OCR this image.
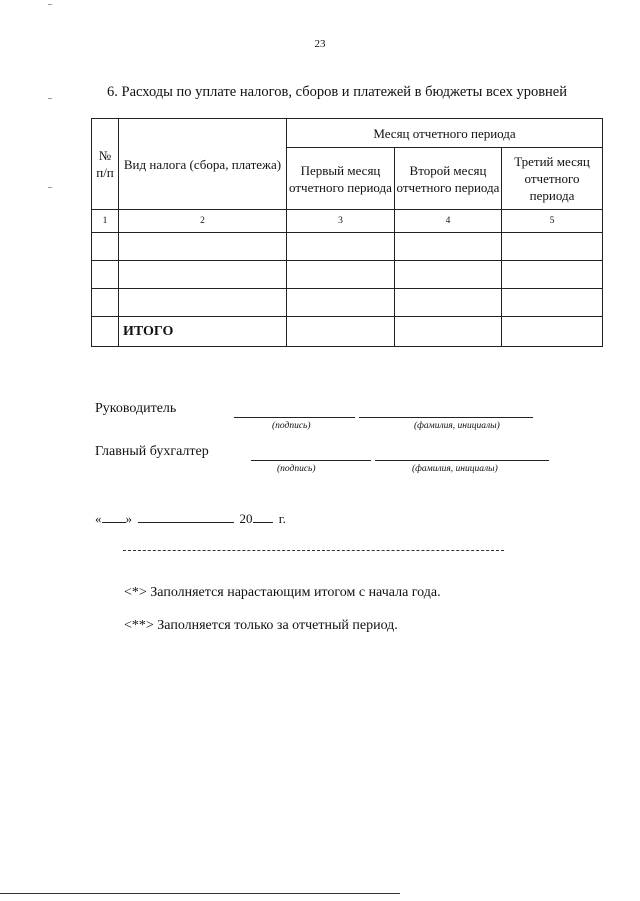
23
6. Расходы по уплате налогов, сборов и платежей в бюджеты всех уровней
№ п/п	Вид налога (сбора, платежа)	Месяц отчетного периода		
		Первый месяц отчетного периода	Второй месяц отчетного периода	Третий месяц отчетного периода
1	2	3	4	5

	ИТОГО			
Руководитель
(подпись)	(фамилия, инициалы)
Главный бухгалтер
(подпись)	(фамилия, инициалы)
« »	20 г.
<*> Заполняется нарастающим итогом с начала года.
<**> Заполняется только за отчетный период.
